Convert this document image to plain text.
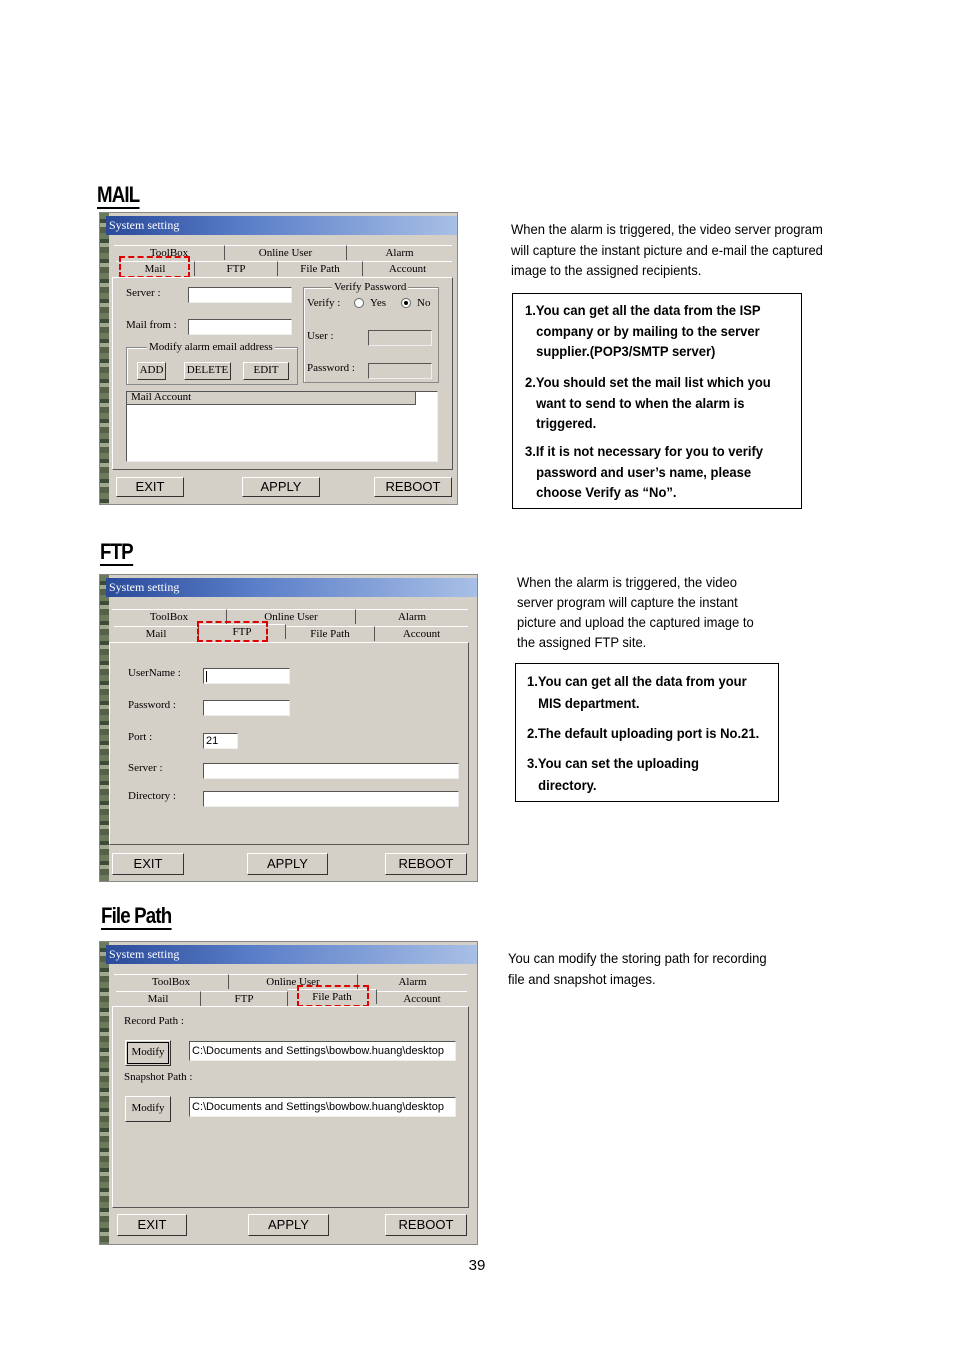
MAIL
System setting
ToolBox	Online User	Alarm
Mail	FTP	File Path	Account
Server :
Mail from :
Modify alarm email address
ADD DELETE	EDIT
Verify Password
Verify :	Yes	No
User :
Password :
Mail Account
EXIT	APPLY	REBOOT
When the alarm is triggered, the video server program
will capture the instant picture and e-mail the captured
image to the assigned recipients.
1.You can get all the data from the ISP
company or by mailing to the server
supplier.(POP3/SMTP server)
2.You should set the mail list which you
want to send to when the alarm is
triggered.
3.If it is not necessary for you to verify
password and user’s name, please
choose Verify as “No”.
FTP
System setting
ToolBox	Online User	Alarm
Mail	FTP	File Path	Account
UserName :
Password :
Port :	21
Server :
Directory :
EXIT	APPLY	REBOOT
When the alarm is triggered, the video
server program will capture the instant
picture and upload the captured image to
the assigned FTP site.
1.You can get all the data from your
MIS department.
2.The default uploading port is No.21.
3.You can set the uploading
directory.
File Path
System setting
ToolBox	Online User	Alarm
Mail	FTP	File Path	Account
Record Path :
Modify	C:\Documents and Settings\bowbow.huang\desktop
Snapshot Path :
Modify	C:\Documents and Settings\bowbow.huang\desktop
EXIT	APPLY	REBOOT
You can modify the storing path for recording
file and snapshot images.
39
